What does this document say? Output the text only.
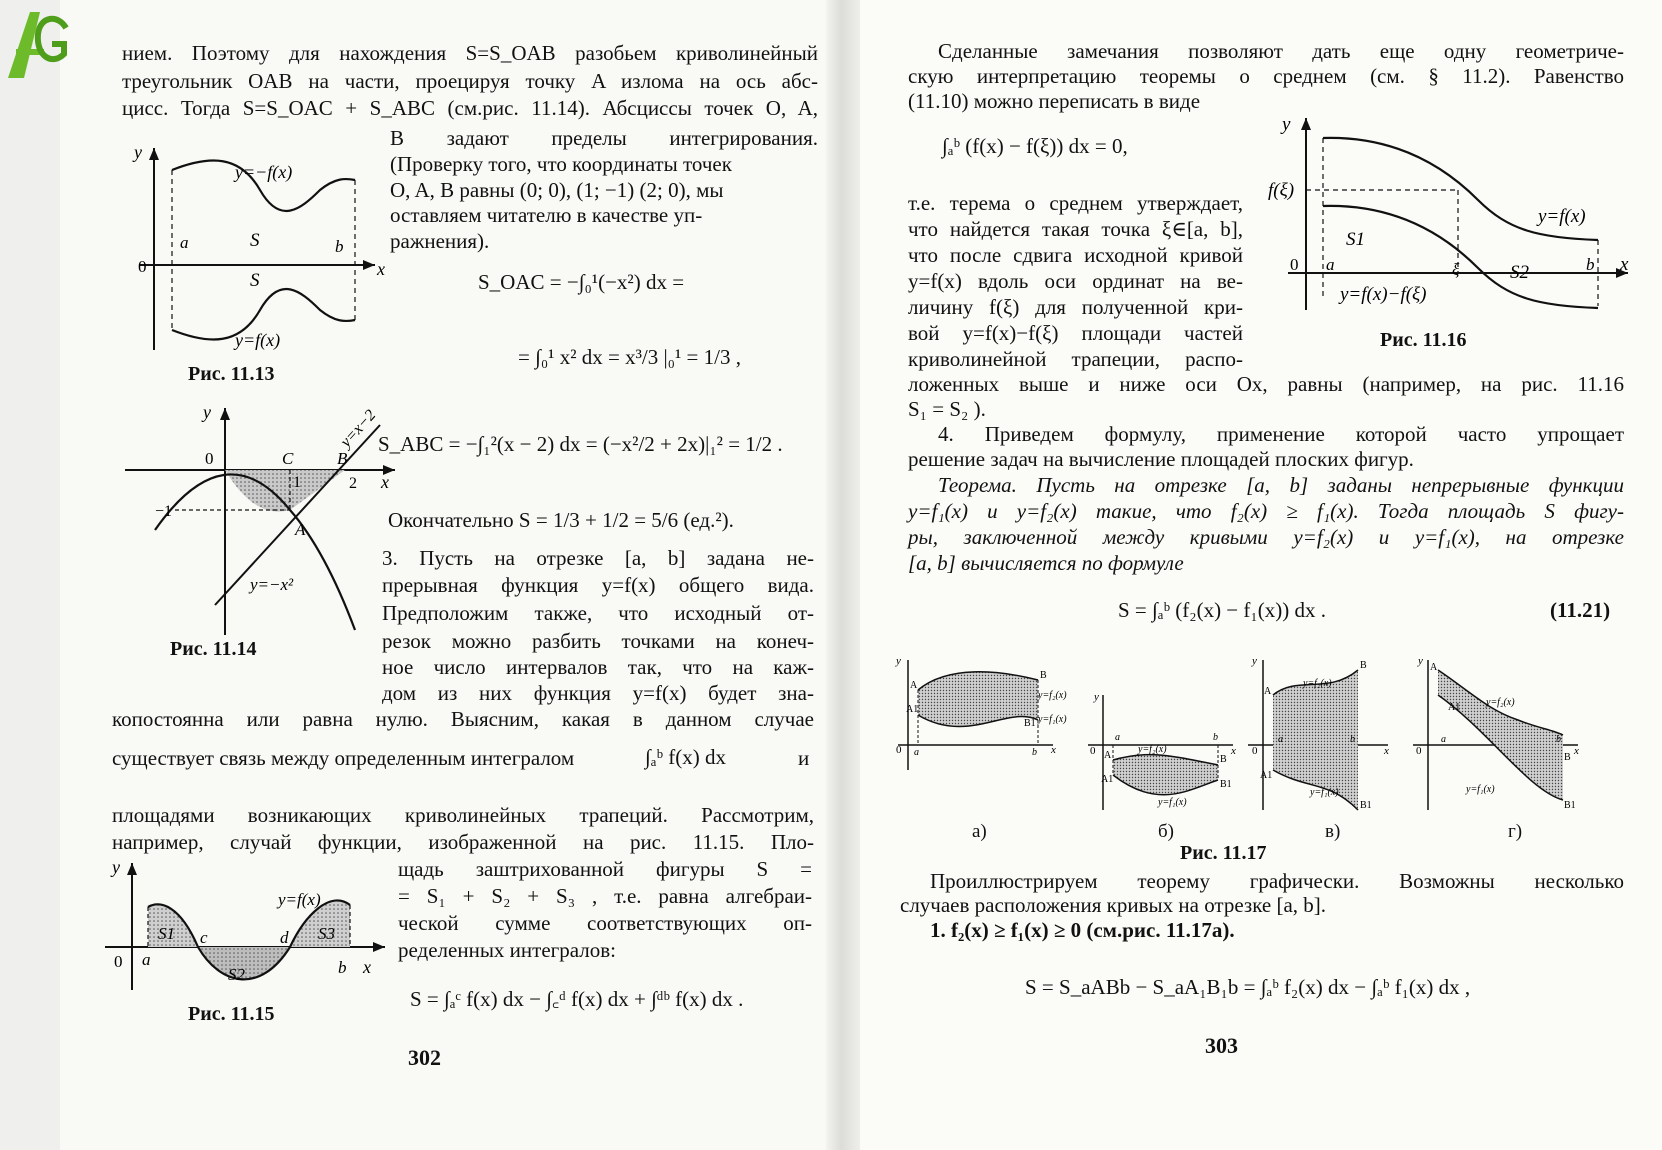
нием. Поэтому для нахождения S=S_OAB разобьем криволинейный
треугольник OAB на части, проецируя точку A излома на ось абс-
цисс. Тогда S=S_OAC + S_ABC (см.рис. 11.14). Абсциссы точек O, A,
B задают пределы интегрирования.
(Проверку того, что координаты точек
O, A, B равны (0; 0), (1; −1) (2; 0), мы
оставляем читателю в качестве уп-
ражнения).
y
y=−f(x)
a	S	b
0	x
S
y=f(x)
Рис. 11.13
S_OAC = −∫₀¹(−x²) dx =
= ∫₀¹ x² dx = x³/3 |₀¹ = 1/3 ,
S_ABC = −∫₁²(x − 2) dx = (−x²/2 + 2x)|₁² = 1/2 .
Окончательно S = 1/3 + 1/2 = 5/6 (ед.²).
y
0	C	B
y=x−2
1	2 x
−1
A
y=−x²
Рис. 11.14
3. Пусть на отрезке [a, b] задана не-
прерывная функция y=f(x) общего вида.
Предположим также, что исходный от-
резок можно разбить точками на конеч-
ное число интервалов так, что на каж-
дом из них функция y=f(x) будет зна-
копостоянна или равна нулю. Выясним, какая в данном случае
существует связь между определенным интегралом	∫ₐᵇ f(x) dx	и
площадями возникающих криволинейных трапеций. Рассмотрим,
например, случай функции, изображенной на рис. 11.15. Пло-
щадь заштрихованной фигуры S =
= S₁ + S₂ + S₃ , т.е. равна алгебраи-
ческой сумме соответствующих оп-
ределенных интегралов:
S = ∫ₐᶜ f(x) dx − ∫꜀ᵈ f(x) dx + ∫ᵈᵇ f(x) dx .
y
y=f(x)
S1 c	d S3
0 a
S2	b x
Рис. 11.15
302
Сделанные замечания позволяют дать еще одну геометриче-
скую интерпретацию теоремы о среднем (см. § 11.2). Равенство
(11.10) можно переписать в виде
∫ₐᵇ (f(x) − f(ξ)) dx = 0,
т.е. терема о среднем утверждает,
что найдется такая точка ξ∈[a, b],
что после сдвига исходной кривой
y=f(x) вдоль оси ординат на ве-
личину f(ξ) для полученной кри-
вой y=f(x)−f(ξ) площади частей
криволинейной трапеции, распо-
ложенных выше и ниже оси Ox, равны (например, на рис. 11.16
S₁ = S₂ ).
y
f(ξ)
y=f(x)
S1
0 a	ξ	S2	b x
y=f(x)−f(ξ)
Рис. 11.16
4. Приведем формулу, применение которой часто упрощает
решение задач на вычисление площадей плоских фигур.
Теорема. Пусть на отрезке [a, b] заданы непрерывные функции
y=f₁(x) и y=f₂(x) такие, что f₂(x) ≥ f₁(x). Тогда площадь S фигу-
ры, заключенной между кривыми y=f₂(x) и y=f₁(x), на отрезке
[a, b] вычисляется по формуле
S = ∫ₐᵇ (f₂(x) − f₁(x)) dx .	(11.21)
y
0
A
B
A1
B1
y=f₂(x)
y=f₁(x)
a	b x
y
0
a	b
x
A	B
A1	B1
y=f₂(x)
y=f₁(x)
y
0
a	b
x
A
B
A1
B1
y=f₂(x)
y=f₁(x)
y
0
a	b
x
A
B
A1
B1
y=f₂(x)
y=f₁(x)
а)	б)	в)	г)
Рис. 11.17
Проиллюстрируем теорему графически. Возможны несколько
случаев расположения кривых на отрезке [a, b].
1. f₂(x) ≥ f₁(x) ≥ 0 (см.рис. 11.17а).
S = S_aABb − S_aA₁B₁b = ∫ₐᵇ f₂(x) dx − ∫ₐᵇ f₁(x) dx ,
303
AG
